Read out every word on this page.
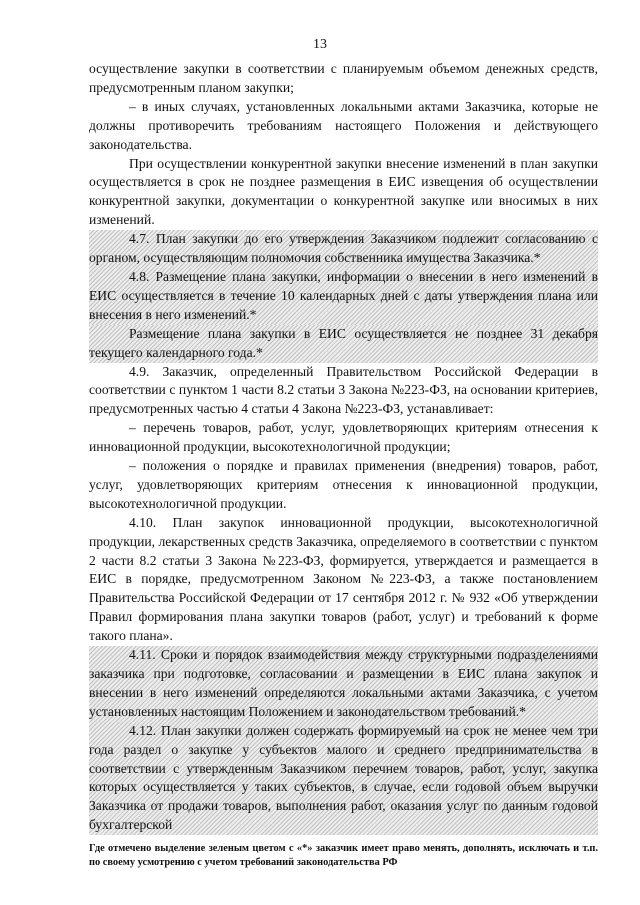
13

осуществление закупки в соответствии с планируемым объемом денежных средств, предусмотренным планом закупки;

– в иных случаях, установленных локальными актами Заказчика, которые не должны противоречить требованиям настоящего Положения и действующего законодательства.

При осуществлении конкурентной закупки внесение изменений в план закупки осуществляется в срок не позднее размещения в ЕИС извещения об осуществлении конкурентной закупки, документации о конкурентной закупке или вносимых в них изменений.

4.7. План закупки до его утверждения Заказчиком подлежит согласованию с органом, осуществляющим полномочия собственника имущества Заказчика.*

4.8. Размещение плана закупки, информации о внесении в него изменений в ЕИС осуществляется в течение 10 календарных дней с даты утверждения плана или внесения в него изменений.*

Размещение плана закупки в ЕИС осуществляется не позднее 31 декабря текущего календарного года.*

4.9. Заказчик, определенный Правительством Российской Федерации в соответствии с пунктом 1 части 8.2 статьи 3 Закона №223-ФЗ, на основании критериев, предусмотренных частью 4 статьи 4 Закона №223-ФЗ, устанавливает:

– перечень товаров, работ, услуг, удовлетворяющих критериям отнесения к инновационной продукции, высокотехнологичной продукции;

– положения о порядке и правилах применения (внедрения) товаров, работ, услуг, удовлетворяющих критериям отнесения к инновационной продукции, высокотехнологичной продукции.

4.10. План закупок инновационной продукции, высокотехнологичной продукции, лекарственных средств Заказчика, определяемого в соответствии с пунктом 2 части 8.2 статьи 3 Закона №223-ФЗ, формируется, утверждается и размещается в ЕИС в порядке, предусмотренном Законом №223-ФЗ, а также постановлением Правительства Российской Федерации от 17 сентября 2012 г. № 932 «Об утверждении Правил формирования плана закупки товаров (работ, услуг) и требований к форме такого плана».

4.11. Сроки и порядок взаимодействия между структурными подразделениями заказчика при подготовке, согласовании и размещении в ЕИС плана закупок и внесении в него изменений определяются локальными актами Заказчика, с учетом установленных настоящим Положением и законодательством требований.*

4.12. План закупки должен содержать формируемый на срок не менее чем три года раздел о закупке у субъектов малого и среднего предпринимательства в соответствии с утвержденным Заказчиком перечнем товаров, работ, услуг, закупка которых осуществляется у таких субъектов, в случае, если годовой объем выручки Заказчика от продажи товаров, выполнения работ, оказания услуг по данным годовой бухгалтерской

Где отмечено выделение зеленым цветом с «*» заказчик имеет право менять, дополнять, исключать и т.п. по своему усмотрению с учетом требований законодательства РФ
